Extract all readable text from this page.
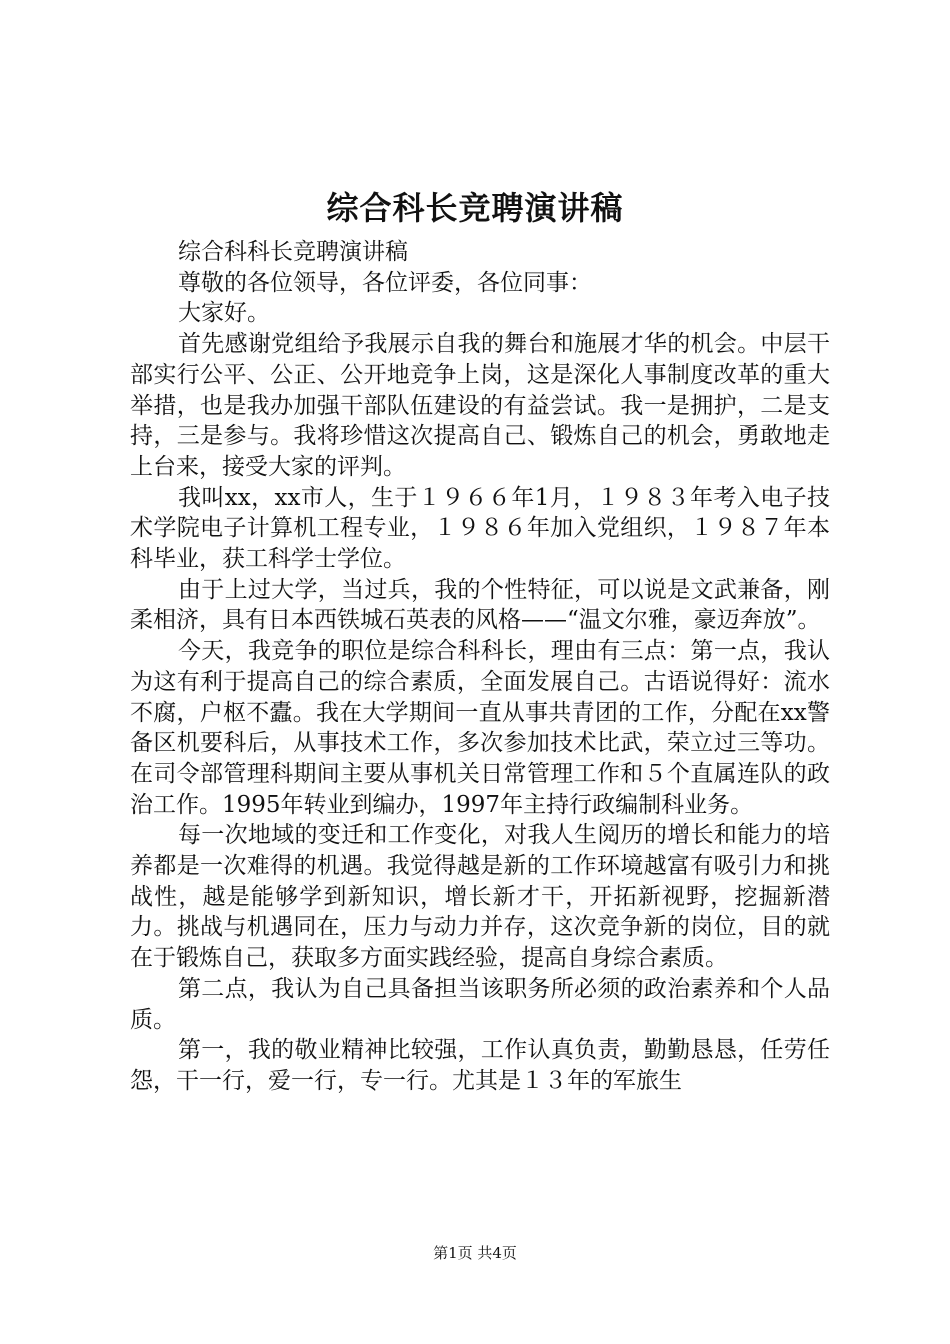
综合科长竞聘演讲稿

综合科科长竞聘演讲稿

尊敬的各位领导，各位评委，各位同事：

大家好。

首先感谢党组给予我展示自我的舞台和施展才华的机会。中层干部实行公平、公正、公开地竞争上岗，这是深化人事制度改革的重大举措，也是我办加强干部队伍建设的有益尝试。我一是拥护，二是支持，三是参与。我将珍惜这次提高自己、锻炼自己的机会，勇敢地走上台来，接受大家的评判。

我叫xx，xx市人，生于１９６６年1月，１９８３年考入电子技术学院电子计算机工程专业，１９８６年加入党组织，１９８７年本科毕业，获工科学士学位。

由于上过大学，当过兵，我的个性特征，可以说是文武兼备，刚柔相济，具有日本西铁城石英表的风格——“温文尔雅，豪迈奔放”。

今天，我竞争的职位是综合科科长，理由有三点：第一点，我认为这有利于提高自己的综合素质，全面发展自己。古语说得好：流水不腐，户枢不蠹。我在大学期间一直从事共青团的工作，分配在xx警备区机要科后，从事技术工作，多次参加技术比武，荣立过三等功。在司令部管理科期间主要从事机关日常管理工作和５个直属连队的政治工作。1995年转业到编办，1997年主持行政编制科业务。

每一次地域的变迁和工作变化，对我人生阅历的增长和能力的培养都是一次难得的机遇。我觉得越是新的工作环境越富有吸引力和挑战性，越是能够学到新知识，增长新才干，开拓新视野，挖掘新潜力。挑战与机遇同在，压力与动力并存，这次竞争新的岗位，目的就在于锻炼自己，获取多方面实践经验，提高自身综合素质。

第二点，我认为自己具备担当该职务所必须的政治素养和个人品质。

第一，我的敬业精神比较强，工作认真负责，勤勤恳恳，任劳任怨，干一行，爱一行，专一行。尤其是１３年的军旅生

第1页 共4页
